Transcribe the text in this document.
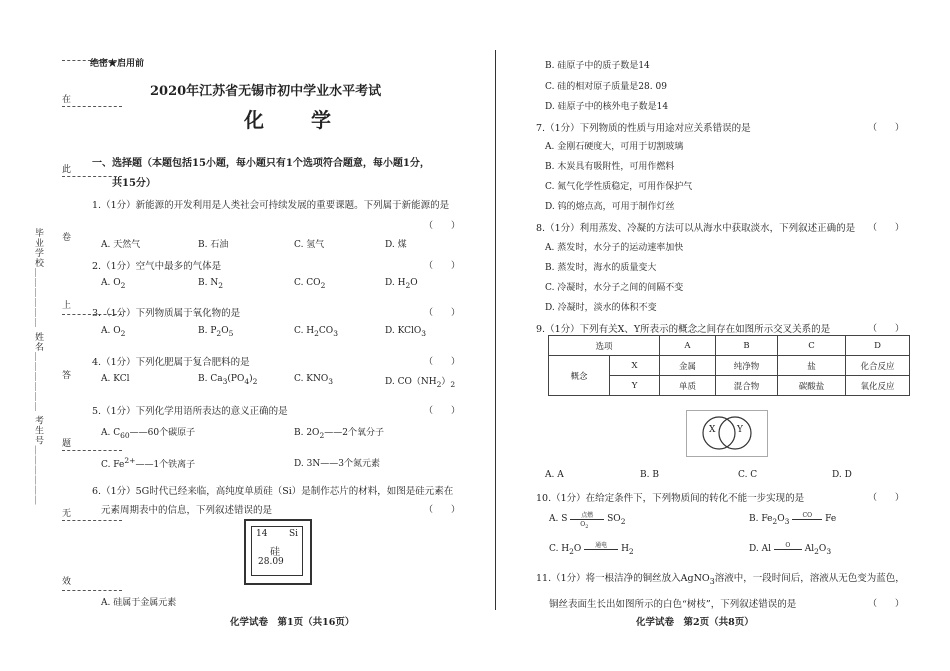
在
此
卷
上
答
题
无
效
毕业学校＿＿＿＿＿＿ 姓名＿＿＿＿＿＿ 考生号＿＿＿＿＿＿
绝密★启用前
2020年江苏省无锡市初中学业水平考试
化 学
一、选择题（本题包括15小题，每小题只有1个选项符合题意，每小题1分，
共15分）
1.（1分）新能源的开发利用是人类社会可持续发展的重要课题。下列属于新能源的是
（　　）
A. 天然气	B. 石油	C. 氢气	D. 煤
2.（1分）空气中最多的气体是	（　　）
A. $O_2$	B. $N_2$	C. $CO_2$	D. $H_2O$
3.（1分）下列物质属于氧化物的是	（　　）
A. $O_2$	B. $P_2O_5$	C. $H_2CO_3$	D. KClO$_3$
4.（1分）下列化肥属于复合肥料的是	（　　）
A. KCl	B. $Ca_3(PO_4)_2$	C. $KNO_3$	D. $CO(NH_2)_2$
5.（1分）下列化学用语所表达的意义正确的是	（　　）
A. $C_{60}——60$个碳原子	B. $2O_2——2$个氧分子
C. $Fe^{2+}——1$个铁离子	D. 3N——3个氮元素
6.（1分）5G时代已经来临，高纯度单质硅（Si）是制作芯片的材料，如图是硅元素在
元素周期表中的信息，下列叙述错误的是	（　　）
14 Si
硅
28.09
A. 硅属于金属元素
化学试卷　第1页（共16页）
B. 硅原子中的质子数是14
C. 硅的相对原子质量是28. 09
D. 硅原子中的核外电子数是14
7.（1分）下列物质的性质与用途对应关系错误的是	（　　）
A. 金刚石硬度大，可用于切割玻璃
B. 木炭具有吸附性，可用作燃料
C. 氮气化学性质稳定，可用作保护气
D. 钨的熔点高，可用于制作灯丝
8.（1分）利用蒸发、冷凝的方法可以从海水中获取淡水，下列叙述正确的是 （　　）
A. 蒸发时，水分子的运动速率加快
B. 蒸发时，海水的质量变大
C. 冷凝时，水分子之间的间隔不变
D. 冷凝时，淡水的体积不变
9.（1分）下列有关X、Y所表示的概念之间存在如图所示交叉关系的是	（　　）
选项		A	B	C	D
概念	X	金属	纯净物	盐	化合反应
	Y	单质	混合物	碳酸盐	氧化反应
X Y
A. A	B. B	C. C	D. D
10.（1分）在给定条件下，下列物质间的转化不能一步实现的是	（　　）
A. S 点燃
$O_2$
$SO_2$	B. $Fe_2O_3$ CO Fe
C. $H_2O$ 通电 $H_2$	D. Al O $Al_2O_3$
11.（1分）将一根洁净的铜丝放入AgNO$_3$溶液中，一段时间后，溶液从无色变为蓝色，
铜丝表面生长出如图所示的白色“树枝”，下列叙述错误的是	（　　）
化学试卷　第2页（共8页）
